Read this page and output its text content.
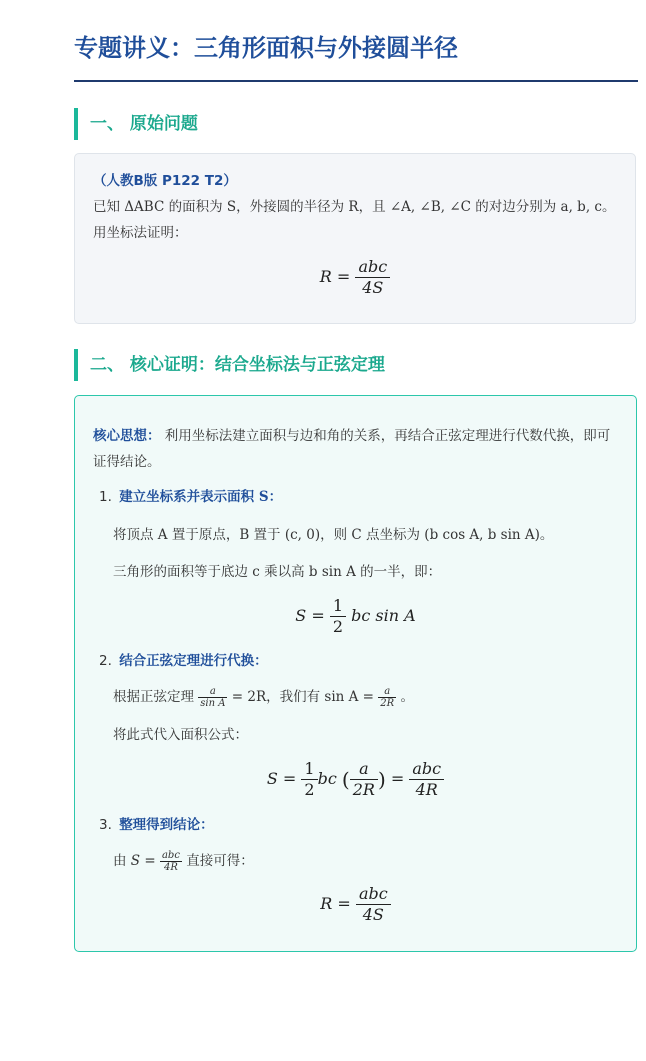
专题讲义：三角形面积与外接圆半径
一、 原始问题
（人教B版 P122 T2）
已知 ΔABC 的面积为 S，外接圆的半径为 R，且 ∠A, ∠B, ∠C 的对边分别为 a, b, c。用坐标法证明：
$R = \frac{\text{abc}}{4S}$
二、 核心证明：结合坐标法与正弦定理
核心思想： 利用坐标法建立面积与边和角的关系，再结合正弦定理进行代数代换，即可证得结论。
1. 建立坐标系并表示面积 S：
将顶点 A 置于原点，B 置于 (c, 0)，则 C 点坐标为 (b cos A, b sin A)。
三角形的面积等于底边 c 乘以高 b sin A 的一半，即：
$S = \frac{1}{2}$ bc sin A
2. 结合正弦定理进行代换：
根据正弦定理 $\frac{a}{\text{sin A}} = 2R$，我们有 $\sin A = \frac{a}{2R}$ 。
将此式代入面积公式：
$S = \frac{1}{2}$ bc ( $\frac{a}{2R}$ ) = $\frac{\text{abc}}{4R}$
3. 整理得到结论：
由 $S = \frac{\text{abc}}{4R}$ 直接可得：
$R = \frac{\text{abc}}{4S}$
